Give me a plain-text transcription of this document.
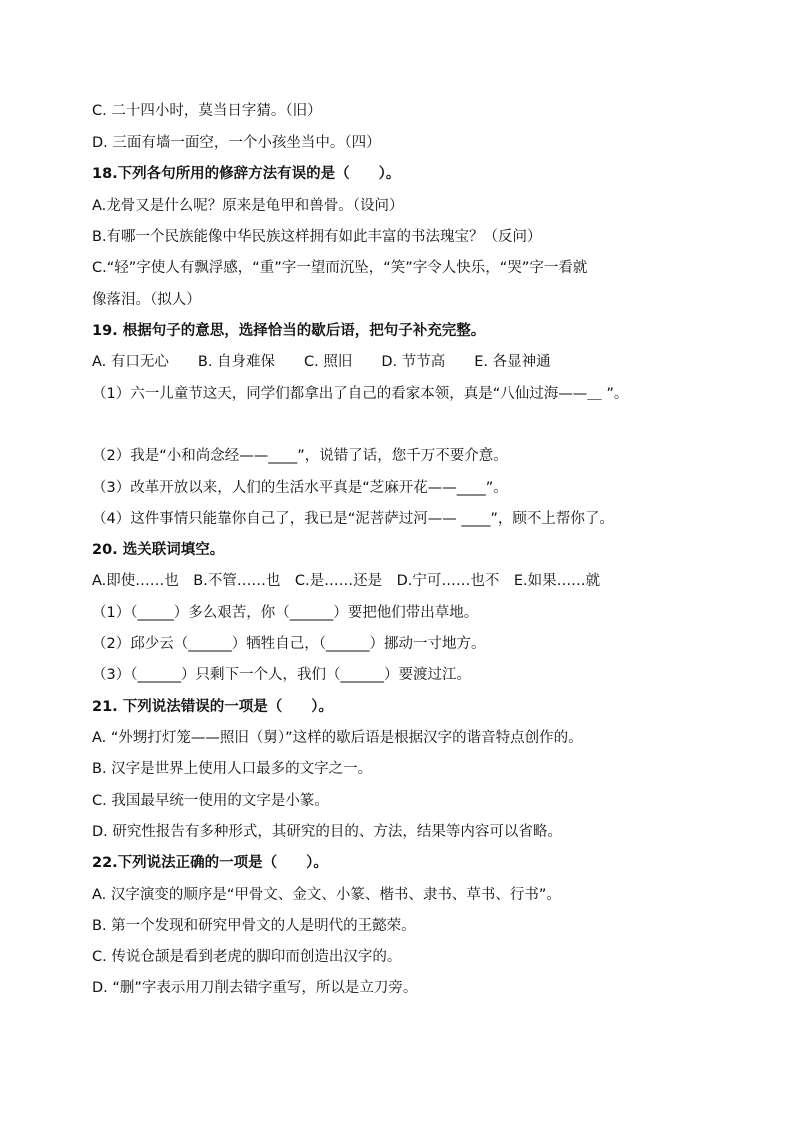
C. 二十四小时，莫当日字猜。（旧）
D. 三面有墙一面空，一个小孩坐当中。（四）
18.下列各句所用的修辞方法有误的是（　　）。
A.龙骨又是什么呢？原来是龟甲和兽骨。（设问）
B.有哪一个民族能像中华民族这样拥有如此丰富的书法瑰宝？（反问）
C.“轻”字使人有飘浮感，“重”字一望而沉坠，“笑”字令人快乐，“哭”字一看就
像落泪。（拟人）
19. 根据句子的意思，选择恰当的歇后语，把句子补充完整。
A. 有口无心　　B. 自身难保　　C. 照旧　　D. 节节高　　E. 各显神通
（1）六一儿童节这天，同学们都拿出了自己的看家本领，真是“八仙过海——＿ ”。
（2）我是“小和尚念经——____”，说错了话，您千万不要介意。
（3）改革开放以来，人们的生活水平真是“芝麻开花——____”。
（4）这件事情只能靠你自己了，我已是“泥菩萨过河—— ____”，顾不上帮你了。
20. 选关联词填空。
A.即使……也　B.不管……也　C.是……还是　D.宁可……也不　E.如果……就
（1）（_____）多么艰苦，你（______）要把他们带出草地。
（2）邱少云（______）牺牲自己，（______）挪动一寸地方。
（3）（______）只剩下一个人，我们（______）要渡过江。
21. 下列说法错误的一项是（　　）。
A. “外甥打灯笼——照旧（舅）”这样的歇后语是根据汉字的谐音特点创作的。
B. 汉字是世界上使用人口最多的文字之一。
C. 我国最早统一使用的文字是小篆。
D. 研究性报告有多种形式，其研究的目的、方法，结果等内容可以省略。
22.下列说法正确的一项是（　　）。
A. 汉字演变的顺序是“甲骨文、金文、小篆、楷书、隶书、草书、行书”。
B. 第一个发现和研究甲骨文的人是明代的王懿荣。
C. 传说仓颉是看到老虎的脚印而创造出汉字的。
D. “删”字表示用刀削去错字重写，所以是立刀旁。
